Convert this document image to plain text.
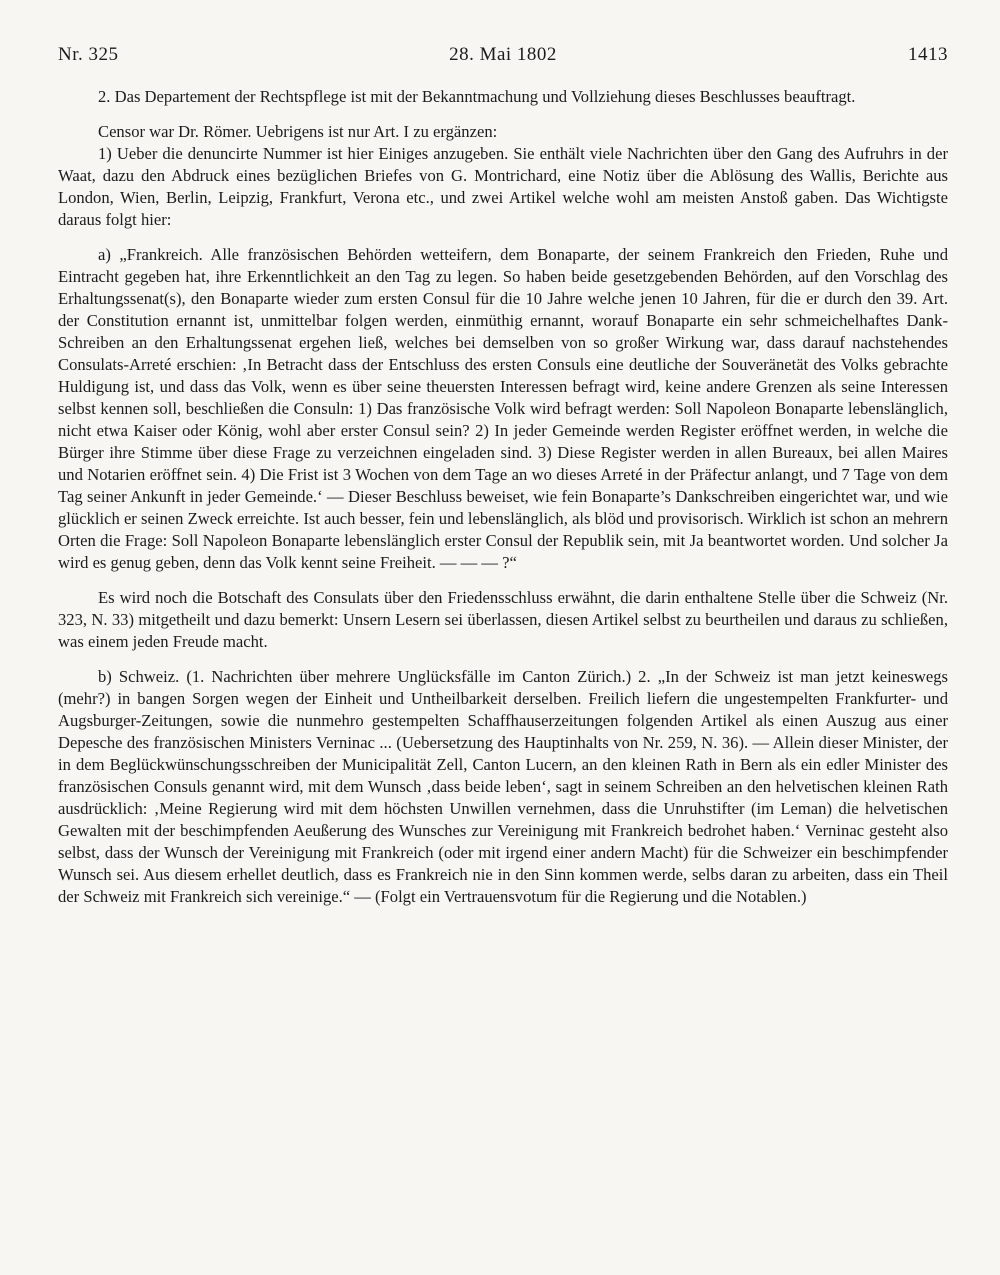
Nr. 325	28. Mai 1802	1413

2. Das Departement der Rechtspflege ist mit der Bekanntmachung und Vollziehung dieses Beschlusses beauftragt.

Censor war Dr. Römer. Uebrigens ist nur Art. I zu ergänzen:

1) Ueber die denuncirte Nummer ist hier Einiges anzugeben. Sie enthält viele Nachrichten über den Gang des Aufruhrs in der Waat, dazu den Abdruck eines bezüglichen Briefes von G. Montrichard, eine Notiz über die Ablösung des Wallis, Berichte aus London, Wien, Berlin, Leipzig, Frankfurt, Verona etc., und zwei Artikel welche wohl am meisten Anstoß gaben. Das Wichtigste daraus folgt hier:

a) „Frankreich. Alle französischen Behörden wetteifern, dem Bonaparte, der seinem Frankreich den Frieden, Ruhe und Eintracht gegeben hat, ihre Erkenntlichkeit an den Tag zu legen. So haben beide gesetzgebenden Behörden, auf den Vorschlag des Erhaltungssenat(s), den Bonaparte wieder zum ersten Consul für die 10 Jahre welche jenen 10 Jahren, für die er durch den 39. Art. der Constitution ernannt ist, unmittelbar folgen werden, einmüthig ernannt, worauf Bonaparte ein sehr schmeichelhaftes Dank-Schreiben an den Erhaltungssenat ergehen ließ, welches bei demselben von so großer Wirkung war, dass darauf nachstehendes Consulats-Arreté erschien: ‚In Betracht dass der Entschluss des ersten Consuls eine deutliche der Souveränetät des Volks gebrachte Huldigung ist, und dass das Volk, wenn es über seine theuersten Interessen befragt wird, keine andere Grenzen als seine Interessen selbst kennen soll, beschließen die Consuln: 1) Das französische Volk wird befragt werden: Soll Napoleon Bonaparte lebenslänglich, nicht etwa Kaiser oder König, wohl aber erster Consul sein? 2) In jeder Gemeinde werden Register eröffnet werden, in welche die Bürger ihre Stimme über diese Frage zu verzeichnen eingeladen sind. 3) Diese Register werden in allen Bureaux, bei allen Maires und Notarien eröffnet sein. 4) Die Frist ist 3 Wochen von dem Tage an wo dieses Arreté in der Präfectur anlangt, und 7 Tage von dem Tag seiner Ankunft in jeder Gemeinde.‘ — Dieser Beschluss beweiset, wie fein Bonaparte’s Dankschreiben eingerichtet war, und wie glücklich er seinen Zweck erreichte. Ist auch besser, fein und lebenslänglich, als blöd und provisorisch. Wirklich ist schon an mehrern Orten die Frage: Soll Napoleon Bonaparte lebenslänglich erster Consul der Republik sein, mit Ja beantwortet worden. Und solcher Ja wird es genug geben, denn das Volk kennt seine Freiheit. — — — ?“

Es wird noch die Botschaft des Consulats über den Friedensschluss erwähnt, die darin enthaltene Stelle über die Schweiz (Nr. 323, N. 33) mitgetheilt und dazu bemerkt: Unsern Lesern sei überlassen, diesen Artikel selbst zu beurtheilen und daraus zu schließen, was einem jeden Freude macht.

b) Schweiz. (1. Nachrichten über mehrere Unglücksfälle im Canton Zürich.) 2. „In der Schweiz ist man jetzt keineswegs (mehr?) in bangen Sorgen wegen der Einheit und Untheilbarkeit derselben. Freilich liefern die ungestempelten Frankfurter- und Augsburger-Zeitungen, sowie die nunmehro gestempelten Schaffhauserzeitungen folgenden Artikel als einen Auszug aus einer Depesche des französischen Ministers Verninac ... (Uebersetzung des Hauptinhalts von Nr. 259, N. 36). — Allein dieser Minister, der in dem Beglückwünschungsschreiben der Municipalität Zell, Canton Lucern, an den kleinen Rath in Bern als ein edler Minister des französischen Consuls genannt wird, mit dem Wunsch ‚dass beide leben‘, sagt in seinem Schreiben an den helvetischen kleinen Rath ausdrücklich: ‚Meine Regierung wird mit dem höchsten Unwillen vernehmen, dass die Unruhstifter (im Leman) die helvetischen Gewalten mit der beschimpfenden Aeußerung des Wunsches zur Vereinigung mit Frankreich bedrohet haben.‘ Verninac gesteht also selbst, dass der Wunsch der Vereinigung mit Frankreich (oder mit irgend einer andern Macht) für die Schweizer ein beschimpfender Wunsch sei. Aus diesem erhellet deutlich, dass es Frankreich nie in den Sinn kommen werde, selbs daran zu arbeiten, dass ein Theil der Schweiz mit Frankreich sich vereinige.“ — (Folgt ein Vertrauensvotum für die Regierung und die Notablen.)
